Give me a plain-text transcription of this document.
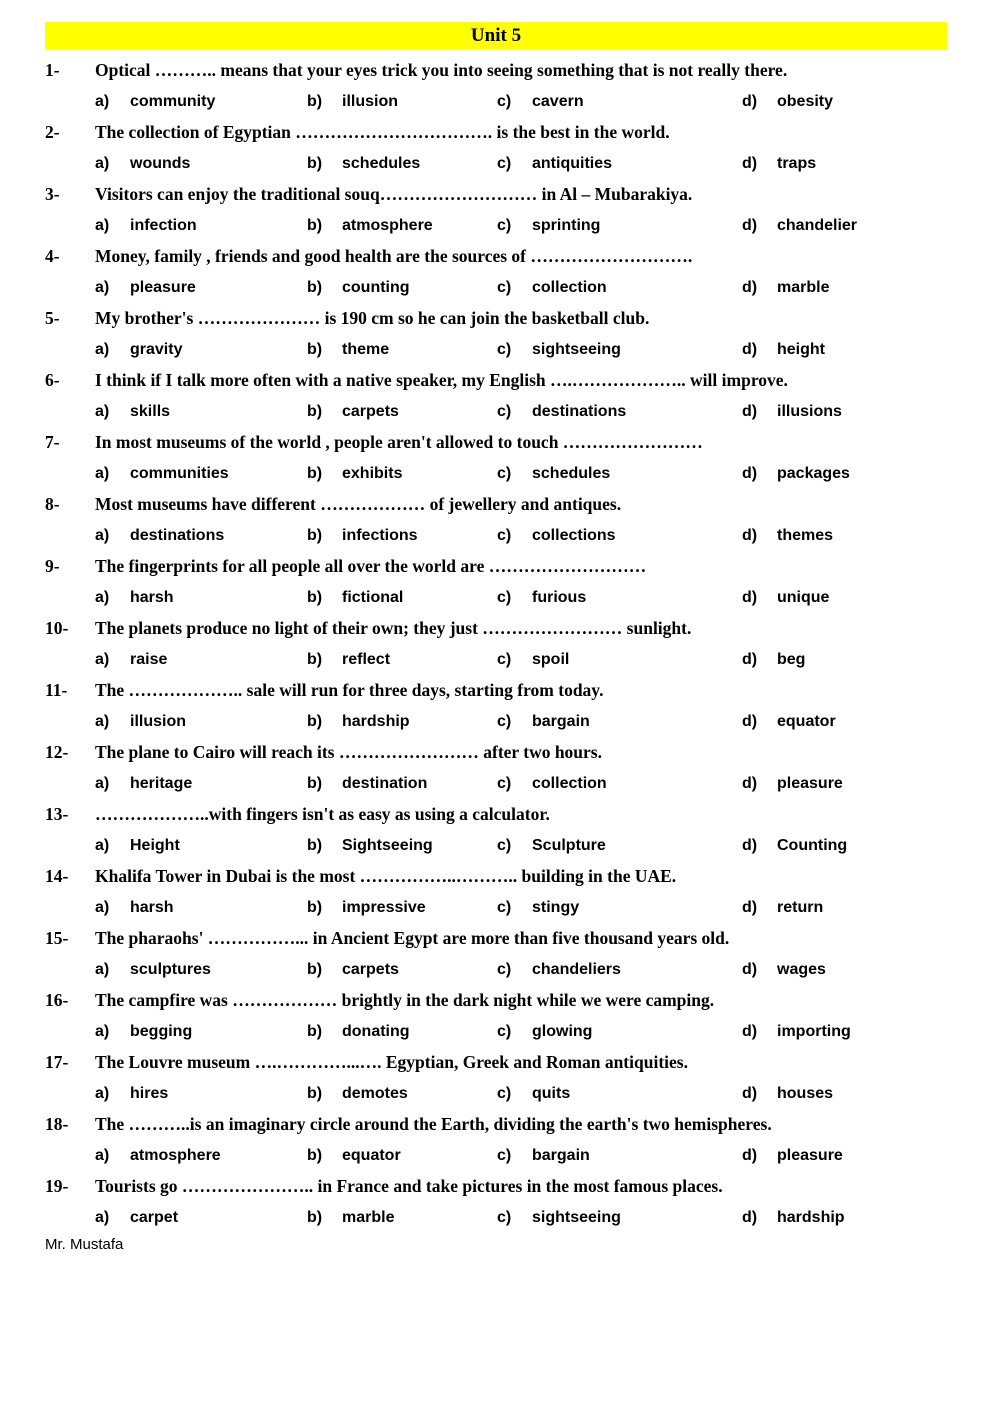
Unit 5
1-	Optical ……….. means that your eyes trick you into seeing something that is not really there.
a) community	b) illusion	c) cavern	d) obesity
2-	The collection of Egyptian ……………………………. is the best in the world.
a) wounds	b) schedules	c) antiquities	d) traps
3-	Visitors can enjoy the traditional souq……………………… in Al – Mubarakiya.
a) infection	b) atmosphere	c) sprinting	d) chandelier
4-	Money, family , friends and good health are the sources of ……………………….
a) pleasure	b) counting	c) collection	d) marble
5-	My brother's ………………… is 190 cm so he can join the basketball club.
a) gravity	b) theme	c) sightseeing	d) height
6-	I think if I talk more often with a native speaker, my English ….……………….. will improve.
a) skills	b) carpets	c) destinations	d) illusions
7-	In most museums of the world , people aren't allowed to touch ……………………
a) communities	b) exhibits	c) schedules	d) packages
8-	Most museums have different ……………… of jewellery and antiques.
a) destinations	b) infections	c) collections	d) themes
9-	The fingerprints for all people all over the world are ………………………
a) harsh	b) fictional	c) furious	d) unique
10-	The planets produce no light of their own; they just …………………… sunlight.
a) raise	b) reflect	c) spoil	d) beg
11-	The ……………….. sale will run for three days, starting from today.
a) illusion	b) hardship	c) bargain	d) equator
12-	The plane to Cairo will reach its …………………… after two hours.
a) heritage	b) destination	c) collection	d) pleasure
13-	………………..with fingers isn't as easy as using a calculator.
a) Height	b) Sightseeing	c) Sculpture	d) Counting
14-	Khalifa Tower in Dubai is the most ……………..……….. building in the UAE.
a) harsh	b) impressive	c) stingy	d) return
15-	The pharaohs' ……………... in Ancient Egypt are more than five thousand years old.
a) sculptures	b) carpets	c) chandeliers	d) wages
16-	The campfire was ……………… brightly in the dark night while we were camping.
a) begging	b) donating	c) glowing	d) importing
17-	The Louvre museum ….…………...…. Egyptian, Greek and Roman antiquities.
a) hires	b) demotes	c) quits	d) houses
18-	The ………..is an imaginary circle around the Earth, dividing the earth's two hemispheres.
a) atmosphere	b) equator	c) bargain	d) pleasure
19-	Tourists go ………………….. in France and take pictures in the most famous places.
a) carpet	b) marble	c) sightseeing	d) hardship
Mr. Mustafa
